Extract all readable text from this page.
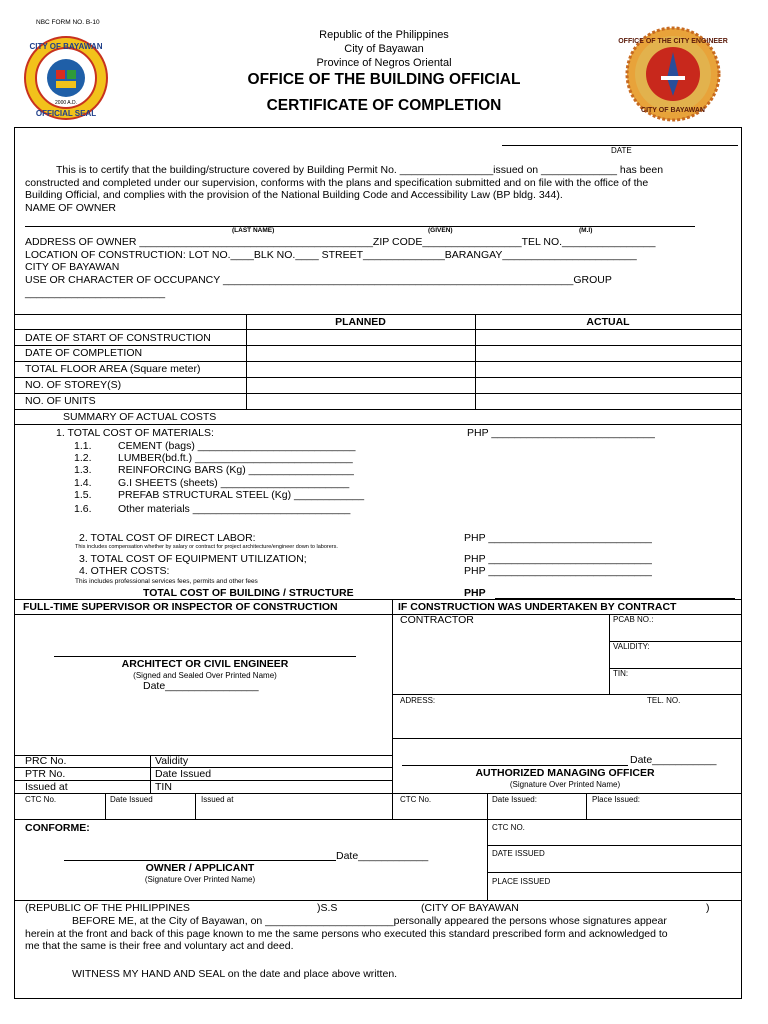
NBC FORM NO. B-10
CITY OF BAYAWAN
OFFICIAL SEAL
2000 A.D.
OFFICE OF THE CITY ENGINEER
CITY OF BAYAWAN
Republic of the Philippines
City of Bayawan
Province of Negros Oriental
OFFICE OF THE BUILDING OFFICIAL
CERTIFICATE OF COMPLETION
DATE
This is to certify that the building/structure covered by Building Permit No. ________________issued on _____________ has been
constructed and completed under our supervision, conforms with the plans and specification submitted and on file with the office of the
Building Official, and complies with the provision of the National Building Code and Accessibility Law (BP bldg. 344).
NAME OF OWNER
(LAST NAME)	(GIVEN)	(M.I)
ADDRESS OF OWNER ________________________________________ZIP CODE_________________TEL NO.________________
LOCATION OF CONSTRUCTION: LOT NO.____BLK NO.____ STREET______________BARANGAY_______________________
CITY OF BAYAWAN
USE OR CHARACTER OF OCCUPANCY ____________________________________________________________GROUP
________________________
PLANNED	ACTUAL
DATE OF START OF CONSTRUCTION
DATE OF COMPLETION
TOTAL FLOOR AREA (Square meter)
NO. OF STOREY(S)
NO. OF UNITS
SUMMARY OF ACTUAL COSTS
1. TOTAL COST OF MATERIALS:	PHP ____________________________
1.1.	CEMENT (bags) ___________________________
1.2.	LUMBER(bd.ft.) ___________________________
1.3.	REINFORCING BARS (Kg) __________________
1.4.	G.I SHEETS (sheets) ______________________
1.5.	PREFAB STRUCTURAL STEEL (Kg) ____________
1.6.	Other materials ___________________________
2. TOTAL COST OF DIRECT LABOR:	PHP ____________________________
This includes compensation whether by salary or contract for project architecture/engineer down to laborers.
3. TOTAL COST OF EQUIPMENT UTILIZATION;	PHP ____________________________
4. OTHER COSTS:	PHP ____________________________
This includes professional services fees, permits and other fees
TOTAL COST OF BUILDING / STRUCTURE	PHP
FULL-TIME SUPERVISOR OR INSPECTOR OF CONSTRUCTION	IF CONSTRUCTION WAS UNDERTAKEN BY CONTRACT
ARCHITECT OR CIVIL ENGINEER
(Signed and Sealed Over Printed Name)
Date________________
PRC No.	Validity
PTR No.	Date Issued
Issued at	TIN
CTC No.	Date Issued	Issued at
CONTRACTOR	PCAB NO.:
VALIDITY:
TIN:
ADRESS:	TEL. NO.
Date___________
AUTHORIZED MANAGING OFFICER
(Signature Over Printed Name)
CTC No.	Date Issued:	Place Issued:
CONFORME:
Date____________
OWNER / APPLICANT
(Signature Over Printed Name)
CTC NO.
DATE ISSUED
PLACE ISSUED
(REPUBLIC OF THE PHILIPPINES	)S.S	(CITY OF BAYAWAN	)
BEFORE ME, at the City of Bayawan, on ______________________personally appeared the persons whose signatures appear
herein at the front and back of this page known to me the same persons who executed this standard prescribed form and acknowledged to
me that the same is their free and voluntary act and deed.
WITNESS MY HAND AND SEAL on the date and place above written.
